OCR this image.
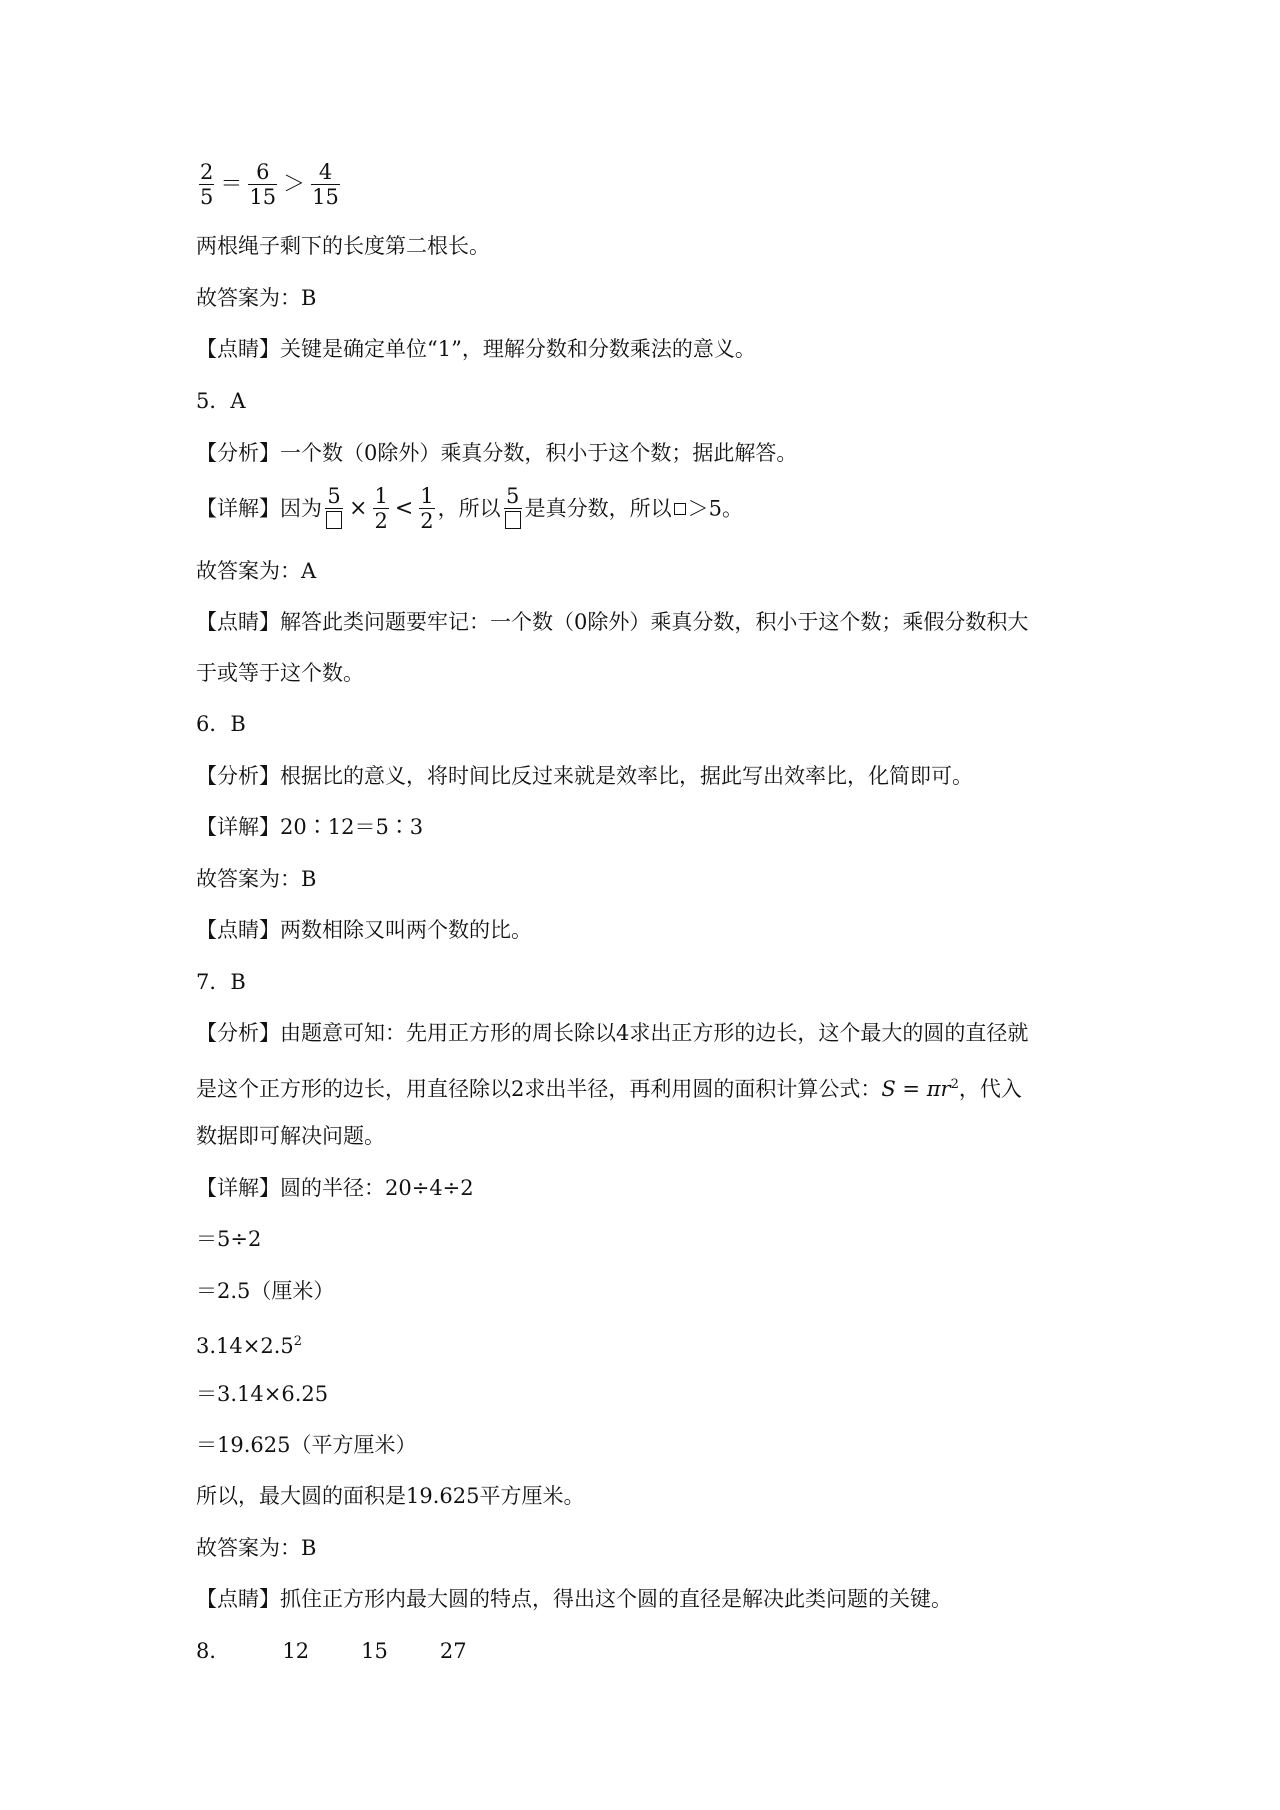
$\frac{2}{5} = \frac{6}{15} > \frac{4}{15}$
两根绳子剩下的长度第二根长。
故答案为：B
【点睛】关键是确定单位“1”，理解分数和分数乘法的意义。
5．A
【分析】一个数（0除外）乘真分数，积小于这个数；据此解答。
【详解】因为
$5 \times \frac{1}{2} < \frac{1}{2}$ ，所以
5
是真分数，所以 ＞5。
故答案为：A
【点睛】解答此类问题要牢记：一个数（0除外）乘真分数，积小于这个数；乘假分数积大
于或等于这个数。
6．B
【分析】根据比的意义，将时间比反过来就是效率比，据此写出效率比，化简即可。
【详解】20∶12＝5∶3
故答案为：B
【点睛】两数相除又叫两个数的比。
7．B
【分析】由题意可知：先用正方形的周长除以4求出正方形的边长，这个最大的圆的直径就
是这个正方形的边长，用直径除以2求出半径，再利用圆的面积计算公式：$S = \pi r^2$，代入
数据即可解决问题。
【详解】圆的半径：20÷4÷2
＝5÷2
＝2.5（厘米）
$3.14\times 2.5^2$
＝3.14×6.25
＝19.625（平方厘米）
所以，最大圆的面积是19.625平方厘米。
故答案为：B
【点睛】抓住正方形内最大圆的特点，得出这个圆的直径是解决此类问题的关键。
8． 12 15 27
